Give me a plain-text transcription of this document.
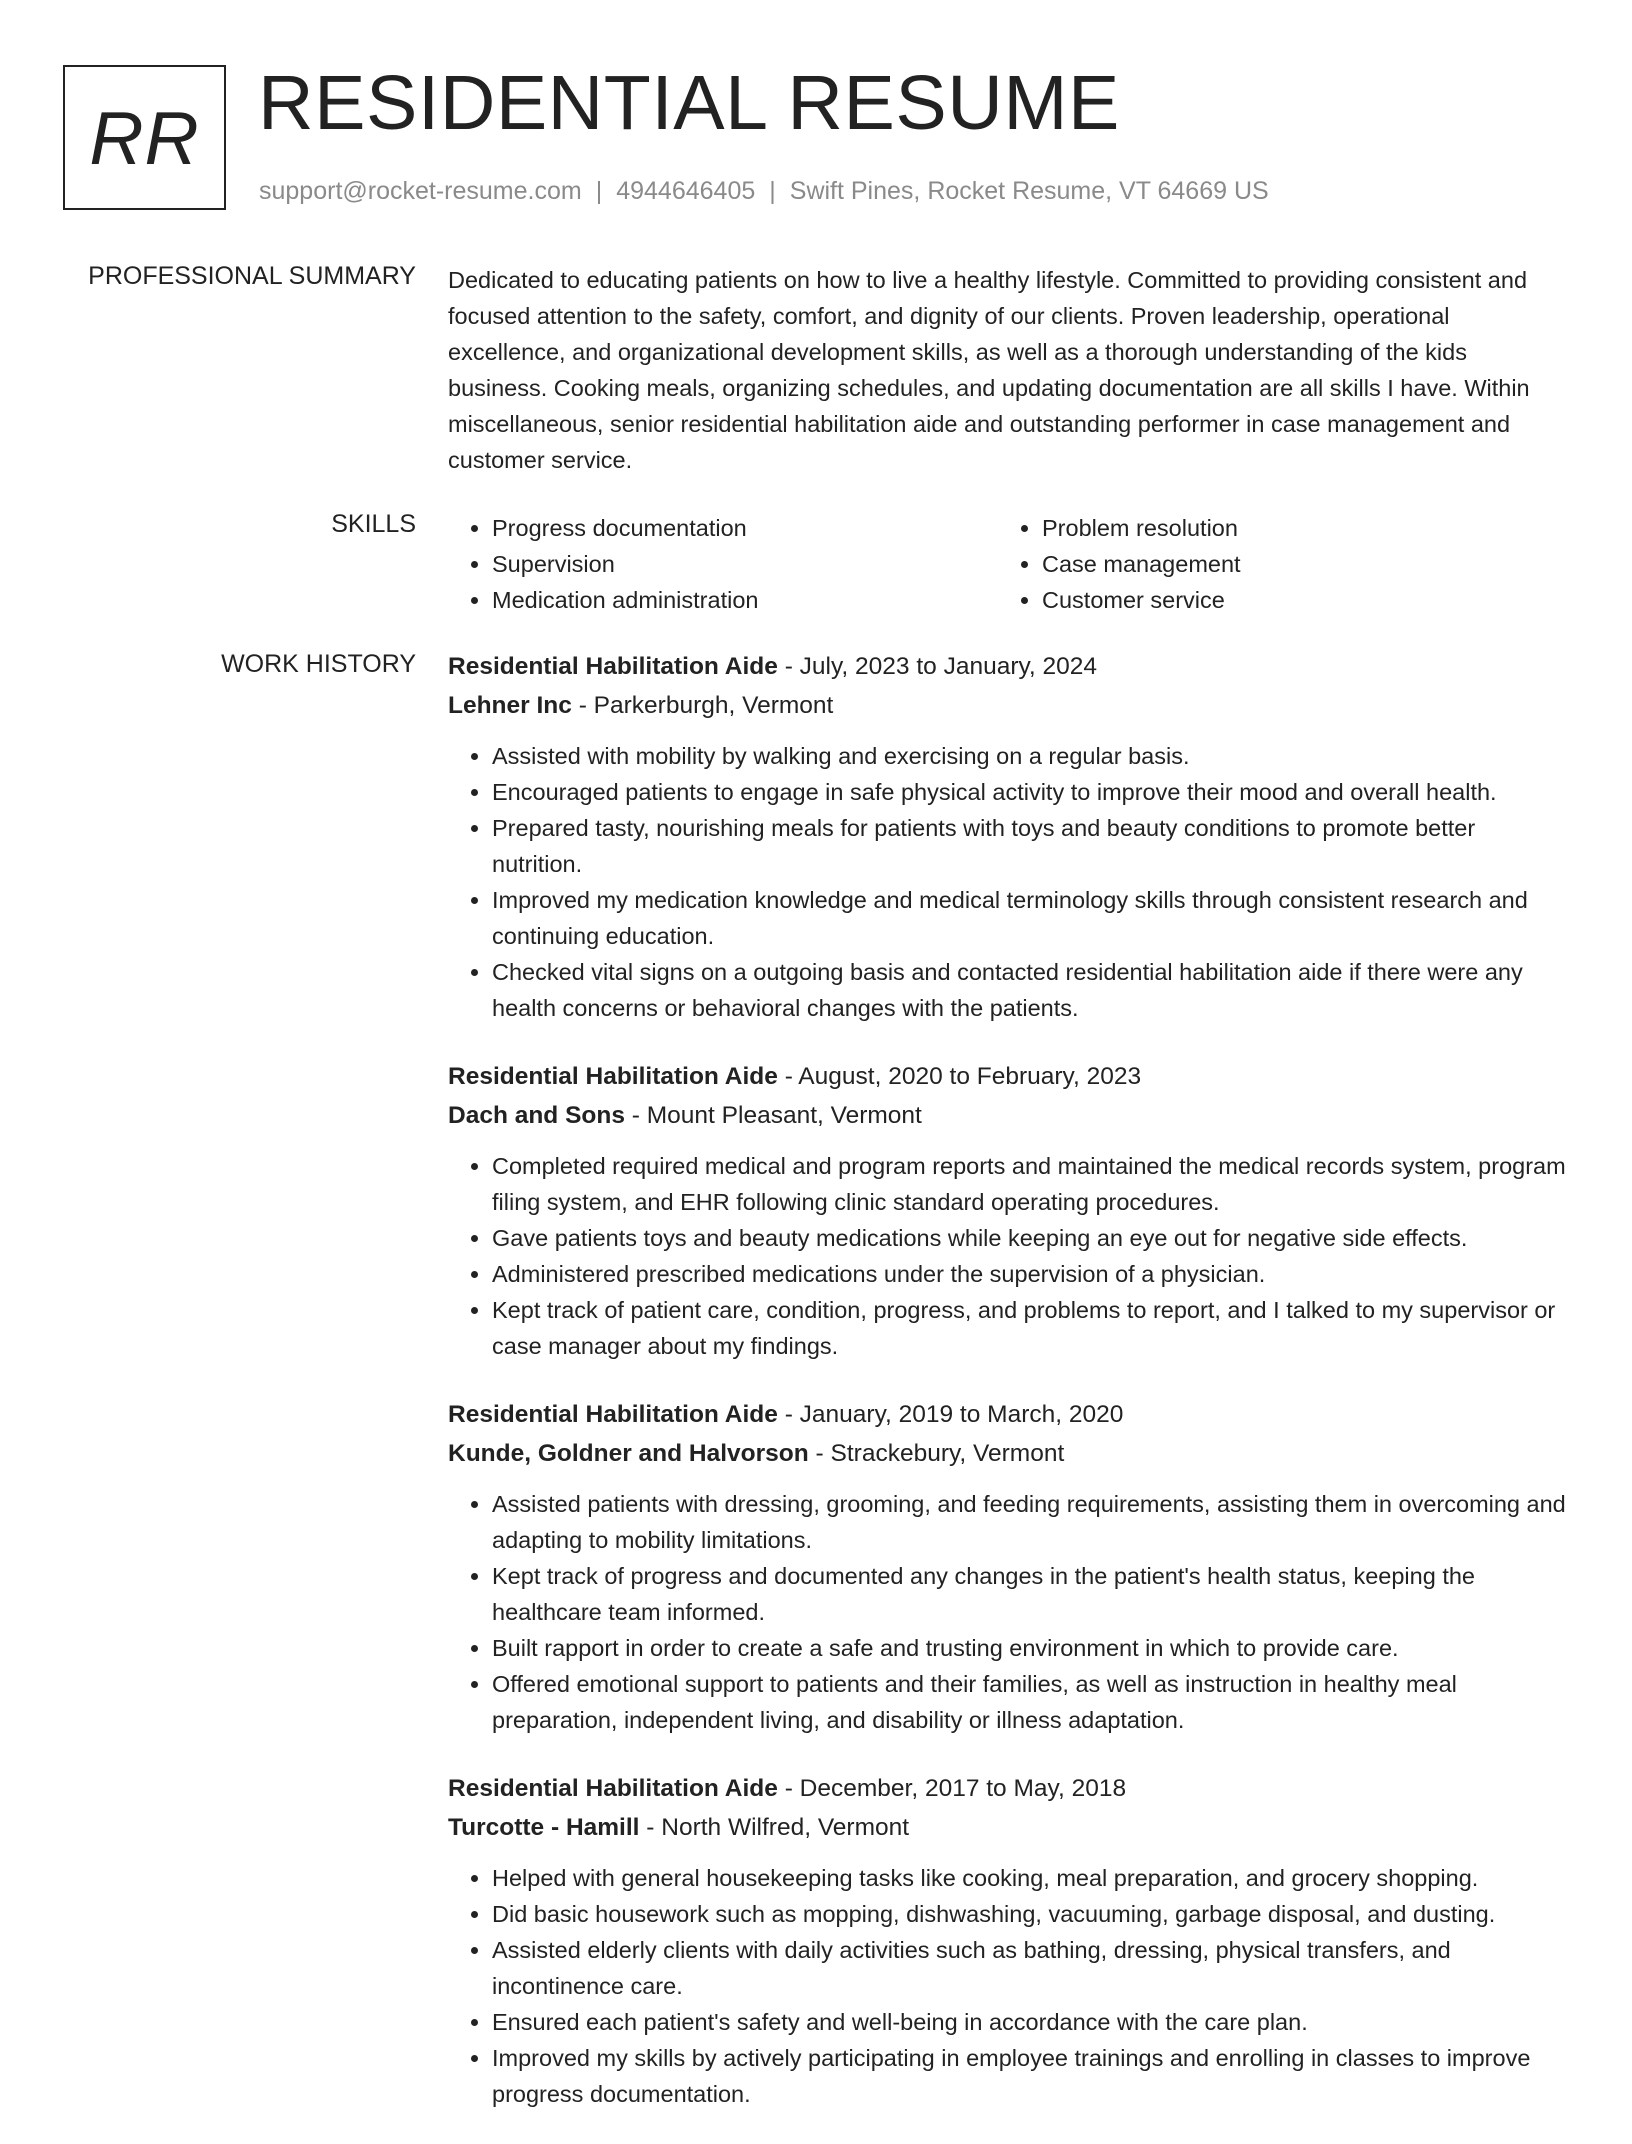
RR RESIDENTIAL RESUME
support@rocket-resume.com | 4944646405 | Swift Pines, Rocket Resume, VT 64669 US
PROFESSIONAL SUMMARY Dedicated to educating patients on how to live a healthy lifestyle. Committed to providing consistent and focused attention to the safety, comfort, and dignity of our clients. Proven leadership, operational excellence, and organizational development skills, as well as a thorough understanding of the kids business. Cooking meals, organizing schedules, and updating documentation are all skills I have. Within miscellaneous, senior residential habilitation aide and outstanding performer in case management and customer service.

SKILLS
•	Progress documentation
• Supervision
• Medication administration
• Problem resolution
• Case management
• Customer service
WORK HISTORY Residential Habilitation Aide - July, 2023 to January, 2024
Lehner Inc - Parkerburgh, Vermont
• Assisted with mobility by walking and exercising on a regular basis.
• Encouraged patients to engage in safe physical activity to improve their mood and overall health.
• Prepared tasty, nourishing meals for patients with toys and beauty conditions to promote better nutrition.
• Improved my medication knowledge and medical terminology skills through consistent research and continuing education.
• Checked vital signs on a outgoing basis and contacted residential habilitation aide if there were any health concerns or behavioral changes with the patients.
Residential Habilitation Aide - August, 2020 to February, 2023
Dach and Sons - Mount Pleasant, Vermont
• Completed required medical and program reports and maintained the medical records system, program filing system, and EHR following clinic standard operating procedures.
• Gave patients toys and beauty medications while keeping an eye out for negative side effects.
• Administered prescribed medications under the supervision of a physician.
• Kept track of patient care, condition, progress, and problems to report, and I talked to my supervisor or case manager about my findings.
Residential Habilitation Aide - January, 2019 to March, 2020
Kunde, Goldner and Halvorson - Strackebury, Vermont
• Assisted patients with dressing, grooming, and feeding requirements, assisting them in overcoming and adapting to mobility limitations.
• Kept track of progress and documented any changes in the patient's health status, keeping the healthcare team informed.
• Built rapport in order to create a safe and trusting environment in which to provide care.
• Offered emotional support to patients and their families, as well as instruction in healthy meal preparation, independent living, and disability or illness adaptation.
Residential Habilitation Aide - December, 2017 to May, 2018
Turcotte - Hamill - North Wilfred, Vermont
• Helped with general housekeeping tasks like cooking, meal preparation, and grocery shopping.
• Did basic housework such as mopping, dishwashing, vacuuming, garbage disposal, and dusting.
• Assisted elderly clients with daily activities such as bathing, dressing, physical transfers, and incontinence care.
• Ensured each patient's safety and well-being in accordance with the care plan.
• Improved my skills by actively participating in employee trainings and enrolling in classes to improve progress documentation.
